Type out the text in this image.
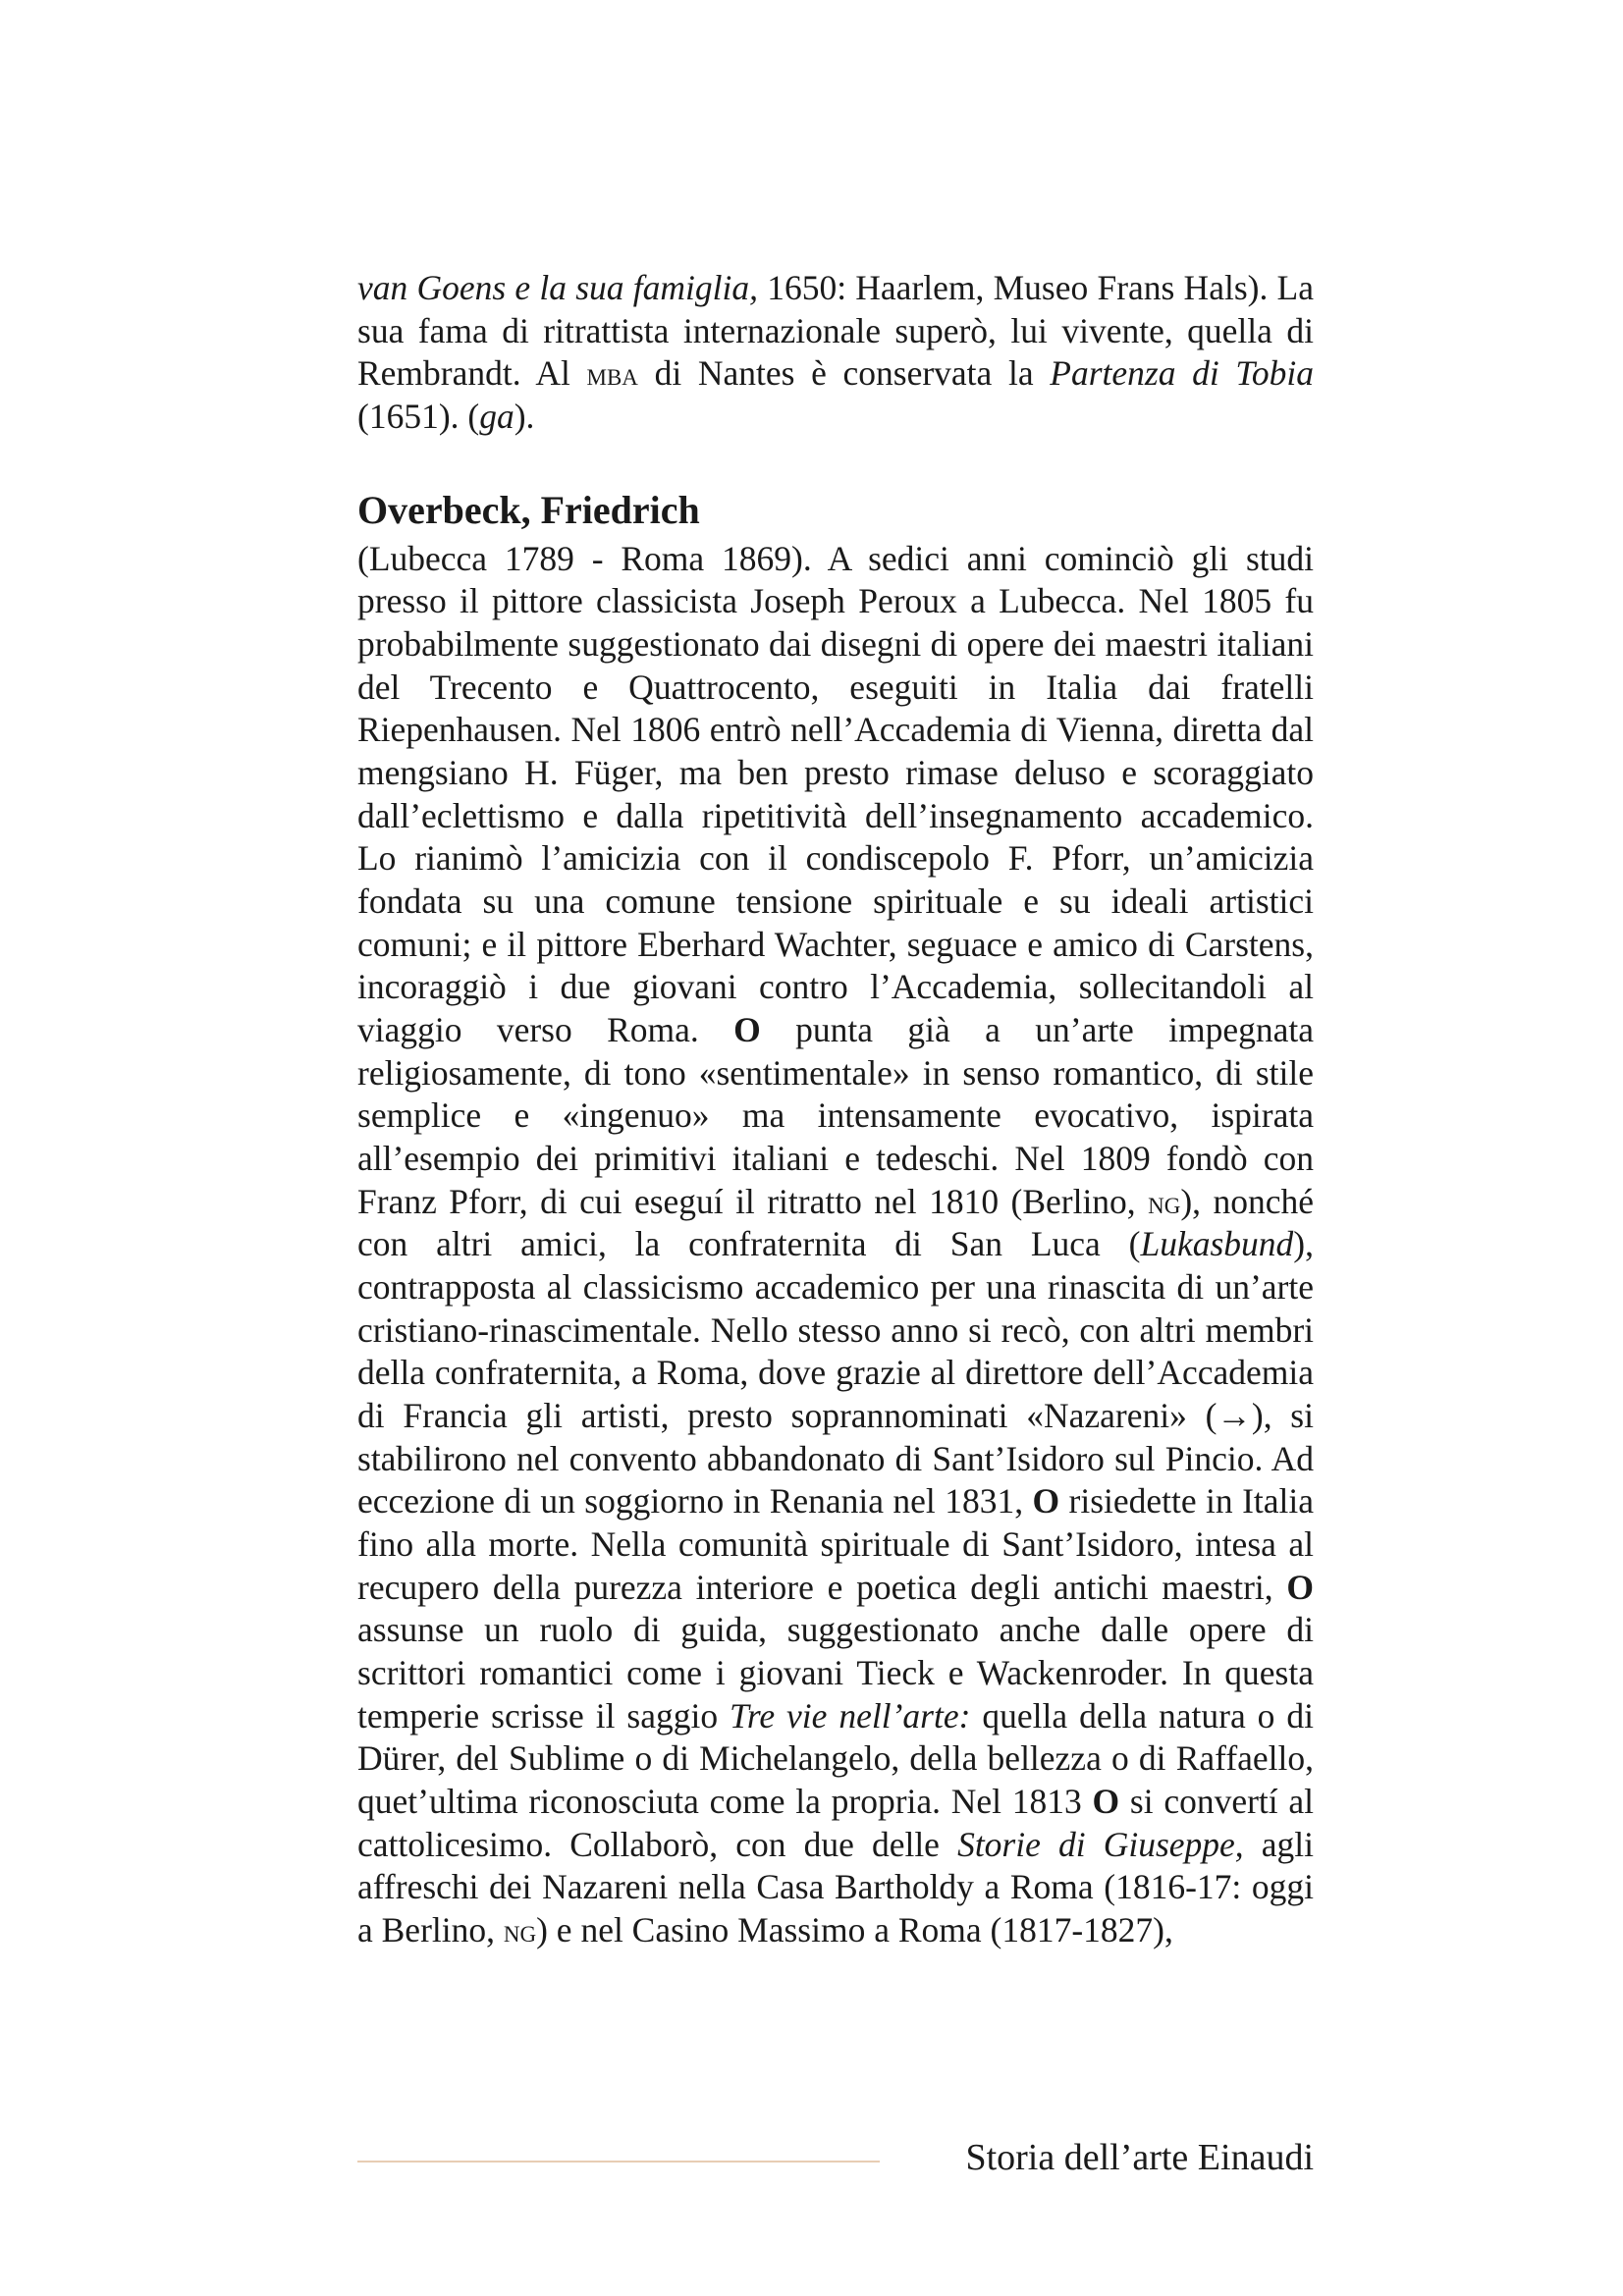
van Goens e la sua famiglia, 1650: Haarlem, Museo Frans Hals). La sua fama di ritrattista internazionale superò, lui vivente, quella di Rembrandt. Al mba di Nantes è conservata la Partenza di Tobia (1651). (ga).

Overbeck, Friedrich

(Lubecca 1789 - Roma 1869). A sedici anni cominciò gli studi presso il pittore classicista Joseph Peroux a Lubecca. Nel 1805 fu probabilmente suggestionato dai disegni di opere dei maestri italiani del Trecento e Quattrocento, eseguiti in Italia dai fratelli Riepenhausen. Nel 1806 entrò nell’Accademia di Vienna, diretta dal mengsiano H. Füger, ma ben presto rimase deluso e scoraggiato dall’eclettismo e dalla ripetitività dell’insegnamento accademico. Lo rianimò l’amicizia con il condiscepolo F. Pforr, un’amicizia fondata su una comune tensione spirituale e su ideali artistici comuni; e il pittore Eberhard Wachter, seguace e amico di Carstens, incoraggiò i due giovani contro l’Accademia, sollecitandoli al viaggio verso Roma. O punta già a un’arte impegnata religiosamente, di tono «sentimentale» in senso romantico, di stile semplice e «ingenuo» ma intensamente evocativo, ispirata all’esempio dei primitivi italiani e tedeschi. Nel 1809 fondò con Franz Pforr, di cui eseguí il ritratto nel 1810 (Berlino, ng), nonché con altri amici, la confraternita di San Luca (Lukasbund), contrapposta al classicismo accademico per una rinascita di un’arte cristiano-rinascimentale. Nello stesso anno si recò, con altri membri della confraternita, a Roma, dove grazie al direttore dell’Accademia di Francia gli artisti, presto soprannominati «Nazareni» (→), si stabilirono nel convento abbandonato di Sant’Isidoro sul Pincio. Ad eccezione di un soggiorno in Renania nel 1831, O risiedette in Italia fino alla morte. Nella comunità spirituale di Sant’Isidoro, intesa al recupero della purezza interiore e poetica degli antichi maestri, O assunse un ruolo di guida, suggestionato anche dalle opere di scrittori romantici come i giovani Tieck e Wackenroder. In questa temperie scrisse il saggio Tre vie nell’arte: quella della natura o di Dürer, del Sublime o di Michelangelo, della bellezza o di Raffaello, quet’ultima riconosciuta come la propria. Nel 1813 O si convertí al cattolicesimo. Collaborò, con due delle Storie di Giuseppe, agli affreschi dei Nazareni nella Casa Bartholdy a Roma (1816-17: oggi a Berlino, ng) e nel Casino Massimo a Roma (1817-1827),

Storia dell’arte Einaudi
